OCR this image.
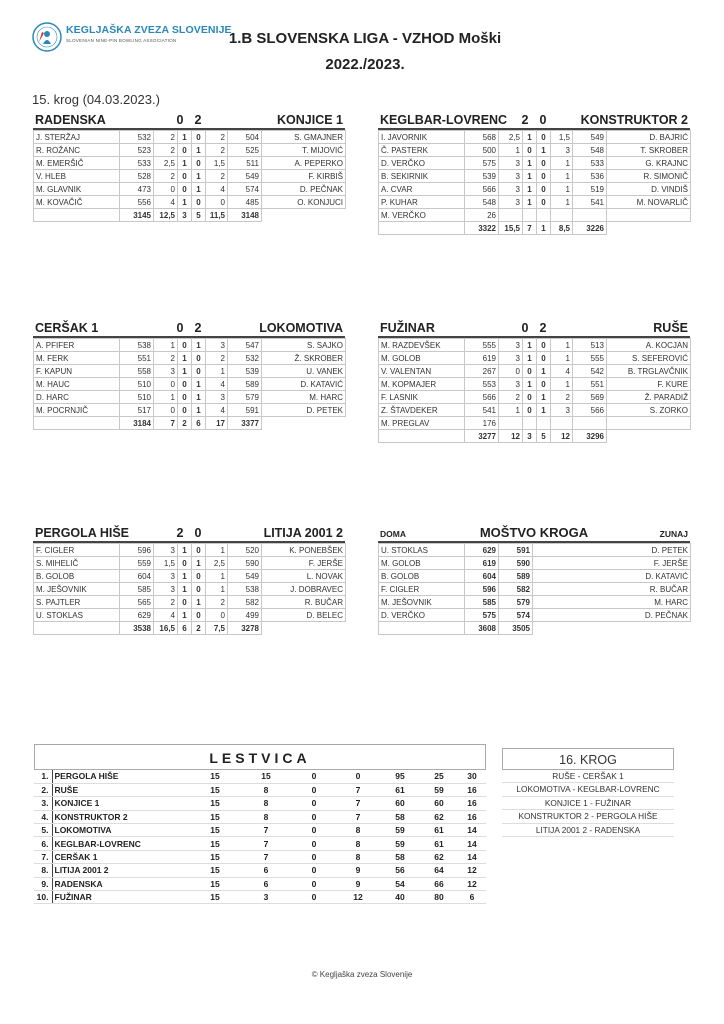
KEGLJAŠKA ZVEZA SLOVENIJE
SLOVENIAN NINE-PIN BOWLING ASSOCIATION	1.B SLOVENSKA LIGA - VZHOD Moški
2022./2023.
15. krog (04.03.2023.)
RADENSKA	0 2	KONJICE 1
J. STERŽAJ	532	2	1	0	2	504	S. GMAJNER
R. ROŽANC	523	2	0	1	2	525	T. MIJOVIĆ
M. EMERŠIČ	533	2,5	1	0	1,5	511	A. PEPERKO
V. HLEB	528	2	0	1	2	549	F. KIRBIŠ
M. GLAVNIK	473	0	0	1	4	574	D. PEČNAK
M. KOVAČIČ	556	4	1	0	0	485	O. KONJUCI
	3145	12,5	3	5	11,5	3148	
KEGLBAR-LOVRENC	2 0	KONSTRUKTOR 2
I. JAVORNIK	568	2,5	1	0	1,5	549	D. BAJRIĆ
Č. PASTERK	500	1	0	1	3	548	T. SKROBER
D. VERČKO	575	3	1	0	1	533	G. KRAJNC
B. SEKIRNIK	539	3	1	0	1	536	R. SIMONIČ
A. CVAR	566	3	1	0	1	519	D. VINDIŠ
P. KUHAR	548	3	1	0	1	541	M. NOVARLIČ
M. VERČKO	26						
	3322	15,5	7	1	8,5	3226	
CERŠAK 1	0 2	LOKOMOTIVA
A. PFIFER	538	1	0	1	3	547	S. SAJKO
M. FERK	551	2	1	0	2	532	Ž. SKROBER
F. KAPUN	558	3	1	0	1	539	U. VANEK
M. HAUC	510	0	0	1	4	589	D. KATAVIĆ
D. HARC	510	1	0	1	3	579	M. HARC
M. POCRNJIČ	517	0	0	1	4	591	D. PETEK
	3184	7	2	6	17	3377	
FUŽINAR	0 2	RUŠE
M. RAZDEVŠEK	555	3	1	0	1	513	A. KOCJAN
M. GOLOB	619	3	1	0	1	555	S. SEFEROVIĆ
V. VALENTAN	267	0	0	1	4	542	B. TRGLAVČNIK
M. KOPMAJER	553	3	1	0	1	551	F. KURE
F. LASNIK	566	2	0	1	2	569	Ž. PARADIŽ
Z. ŠTAVDEKER	541	1	0	1	3	566	S. ZORKO
M. PREGLAV	176						
	3277	12	3	5	12	3296	
PERGOLA HIŠE	2 0	LITIJA 2001 2
F. CIGLER	596	3	1	0	1	520	K. PONEBŠEK
S. MIHELIČ	559	1,5	0	1	2,5	590	F. JERŠE
B. GOLOB	604	3	1	0	1	549	L. NOVAK
M. JEŠOVNIK	585	3	1	0	1	538	J. DOBRAVEC
S. PAJTLER	565	2	0	1	2	582	R. BUČAR
U. STOKLAS	629	4	1	0	0	499	D. BELEC
	3538	16,5	6	2	7,5	3278	
DOMA	MOŠTVO KROGA	ZUNAJ
U. STOKLAS	629	591	D. PETEK
M. GOLOB	619	590	F. JERŠE
B. GOLOB	604	589	D. KATAVIĆ
F. CIGLER	596	582	R. BUČAR
M. JEŠOVNIK	585	579	M. HARC
D. VERČKO	575	574	D. PEČNAK
	3608	3505	
LESTVICA
1.	PERGOLA HIŠE	15	15	0	0	95	25	30
2.	RUŠE	15	8	0	7	61	59	16
3.	KONJICE 1	15	8	0	7	60	60	16
4.	KONSTRUKTOR 2	15	8	0	7	58	62	16
5.	LOKOMOTIVA	15	7	0	8	59	61	14
6.	KEGLBAR-LOVRENC	15	7	0	8	59	61	14
7.	CERŠAK 1	15	7	0	8	58	62	14
8.	LITIJA 2001 2	15	6	0	9	56	64	12
9.	RADENSKA	15	6	0	9	54	66	12
10.	FUŽINAR	15	3	0	12	40	80	6
16. KROG
RUŠE - CERŠAK 1
LOKOMOTIVA - KEGLBAR-LOVRENC
KONJICE 1 - FUŽINAR
KONSTRUKTOR 2 - PERGOLA HIŠE
LITIJA 2001 2 - RADENSKA
© Kegljaška zveza Slovenije
